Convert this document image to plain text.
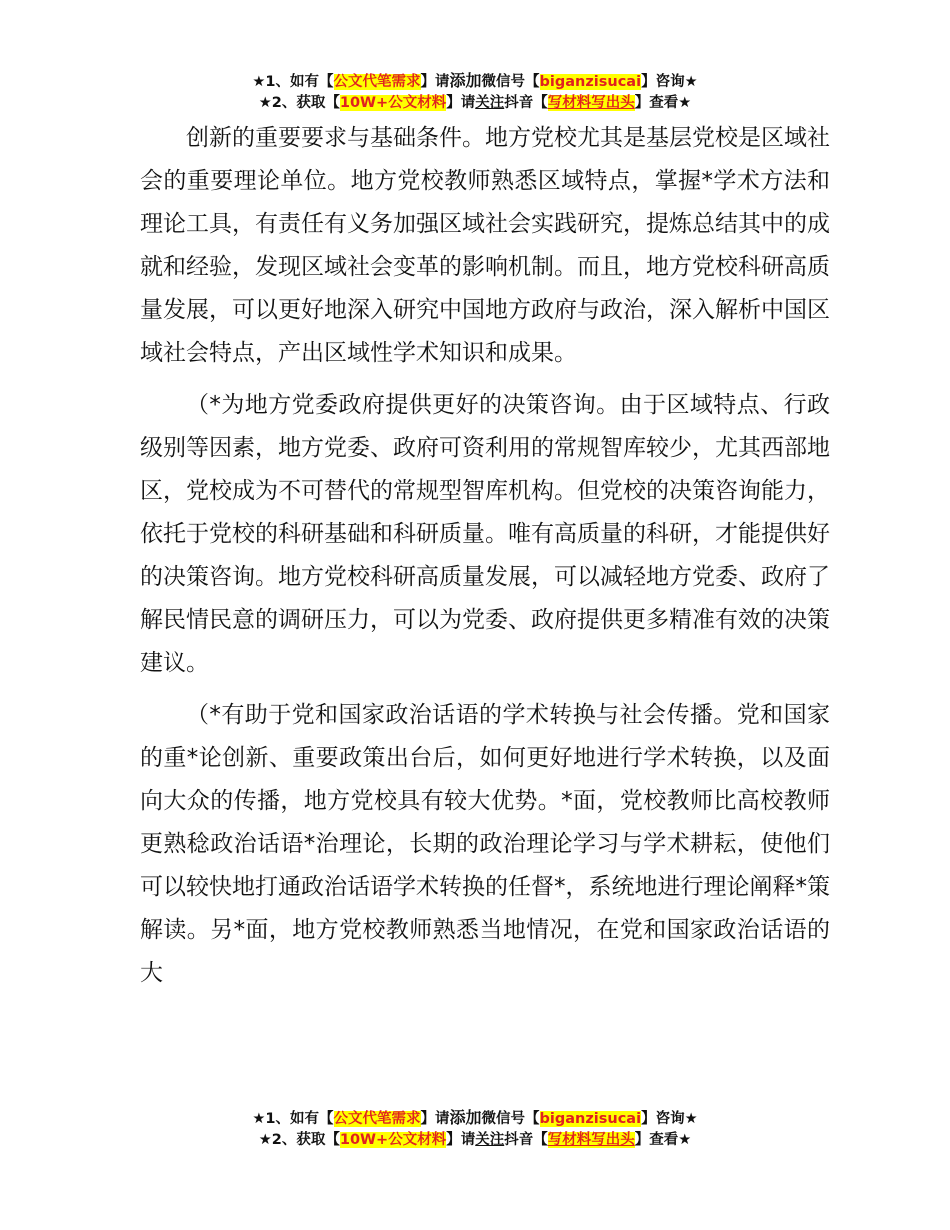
★1、如有【公文代笔需求】请添加微信号【biganzisucai】咨询★
★2、获取【10W+公文材料】请关注抖音【写材料写出头】查看★

创新的重要要求与基础条件。地方党校尤其是基层党校是区域社会的重要理论单位。地方党校教师熟悉区域特点，掌握*学术方法和理论工具，有责任有义务加强区域社会实践研究，提炼总结其中的成就和经验，发现区域社会变革的影响机制。而且，地方党校科研高质量发展，可以更好地深入研究中国地方政府与政治，深入解析中国区域社会特点，产出区域性学术知识和成果。

（*为地方党委政府提供更好的决策咨询。由于区域特点、行政级别等因素，地方党委、政府可资利用的常规智库较少，尤其西部地区，党校成为不可替代的常规型智库机构。但党校的决策咨询能力，依托于党校的科研基础和科研质量。唯有高质量的科研，才能提供好的决策咨询。地方党校科研高质量发展，可以减轻地方党委、政府了解民情民意的调研压力，可以为党委、政府提供更多精准有效的决策建议。

（*有助于党和国家政治话语的学术转换与社会传播。党和国家的重*论创新、重要政策出台后，如何更好地进行学术转换，以及面向大众的传播，地方党校具有较大优势。*面，党校教师比高校教师更熟稔政治话语*治理论，长期的政治理论学习与学术耕耘，使他们可以较快地打通政治话语学术转换的任督*，系统地进行理论阐释*策解读。另*面，地方党校教师熟悉当地情况，在党和国家政治话语的大

★1、如有【公文代笔需求】请添加微信号【biganzisucai】咨询★
★2、获取【10W+公文材料】请关注抖音【写材料写出头】查看★
